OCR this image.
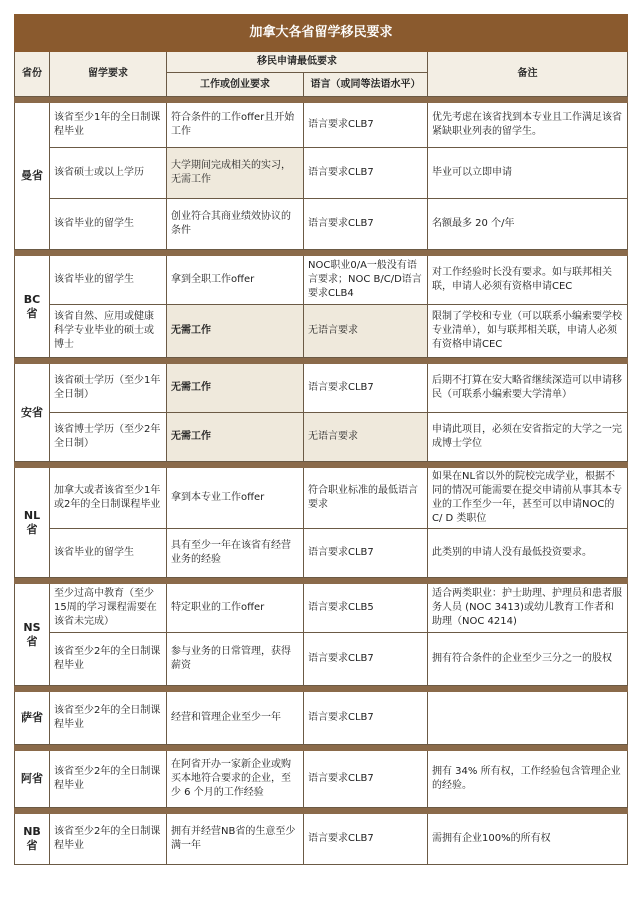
加拿大各省留学移民要求				
省份	留学要求	移民申请最低要求		备注
		工作或创业要求	语言（或同等法语水平）	

曼省	该省至少1年的全日制课程毕业	符合条件的工作offer且开始工作	语言要求CLB7	优先考虑在该省找到本专业且工作满足该省紧缺职业列表的留学生。
	该省硕士或以上学历	大学期间完成相关的实习，无需工作	语言要求CLB7	毕业可以立即申请
	该省毕业的留学生	创业符合其商业绩效协议的条件	语言要求CLB7	名额最多 20 个/年

BC省	该省毕业的留学生	拿到全职工作offer	NOC职业0/A一般没有语言要求；NOC B/C/D语言要求CLB4	对工作经验时长没有要求。如与联邦相关联，申请人必须有资格申请CEC
	该省自然、应用或健康科学专业毕业的硕士或博士	无需工作	无语言要求	限制了学校和专业（可以联系小编索要学校专业清单），如与联邦相关联，申请人必须有资格申请CEC

安省	该省硕士学历（至少1年全日制）	无需工作	语言要求CLB7	后期不打算在安大略省继续深造可以申请移民（可联系小编索要大学清单）
	该省博士学历（至少2年全日制）	无需工作	无语言要求	申请此项目，必须在安省指定的大学之一完成博士学位

NL省	加拿大或者该省至少1年或2年的全日制课程毕业	拿到本专业工作offer	符合职业标准的最低语言要求	如果在NL省以外的院校完成学业，根据不同的情况可能需要在提交申请前从事其本专业的工作至少一年，甚至可以申请NOC的C/ D 类职位
	该省毕业的留学生	具有至少一年在该省有经营业务的经验	语言要求CLB7	此类别的申请人没有最低投资要求。

NS省	至少过高中教育（至少15周的学习课程需要在该省未完成）	特定职业的工作offer	语言要求CLB5	适合两类职业：护士助理、护理员和患者服务人员 (NOC 3413)或幼儿教育工作者和助理（NOC 4214)
	该省至少2年的全日制课程毕业	参与业务的日常管理，获得薪资	语言要求CLB7	拥有符合条件的企业至少三分之一的股权

萨省	该省至少2年的全日制课程毕业	经营和管理企业至少一年	语言要求CLB7	

阿省	该省至少2年的全日制课程毕业	在阿省开办一家新企业或购买本地符合要求的企业，至少 6 个月的工作经验	语言要求CLB7	拥有 34% 所有权，工作经验包含管理企业的经验。

NB省	该省至少2年的全日制课程毕业	拥有并经营NB省的生意至少满一年	语言要求CLB7	需拥有企业100%的所有权
